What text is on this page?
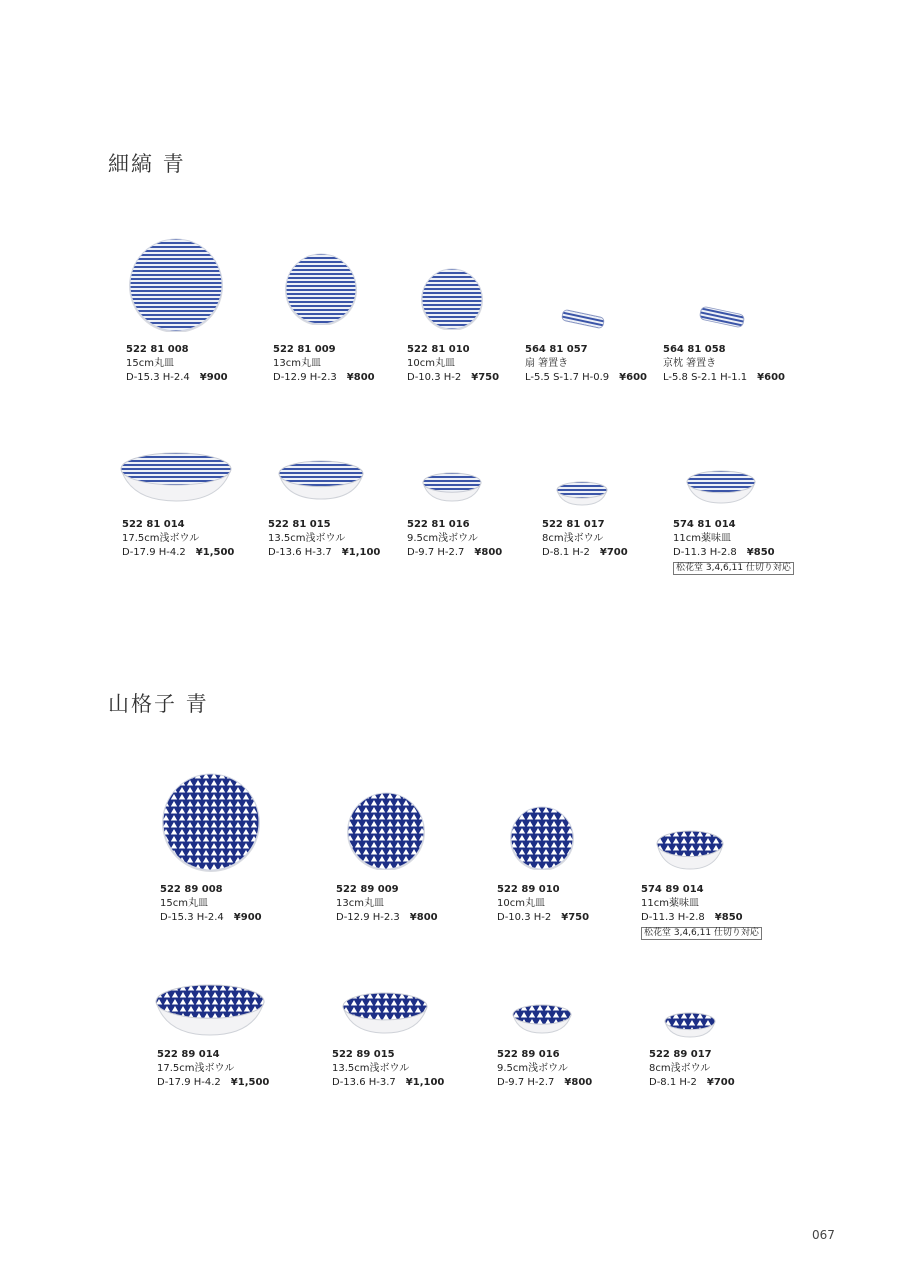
細縞 青
522 81 008
15cm丸皿
D-15.3 H-2.4 ¥900
522 81 009
13cm丸皿
D-12.9 H-2.3 ¥800
522 81 010
10cm丸皿
D-10.3 H-2 ¥750
564 81 057
扇 箸置き
L-5.5 S-1.7 H-0.9 ¥600
564 81 058
京枕 箸置き
L-5.8 S-2.1 H-1.1 ¥600
522 81 014
17.5cm浅ボウル
D-17.9 H-4.2 ¥1,500
522 81 015
13.5cm浅ボウル
D-13.6 H-3.7 ¥1,100
522 81 016
9.5cm浅ボウル
D-9.7 H-2.7 ¥800
522 81 017
8cm浅ボウル
D-8.1 H-2 ¥700
574 81 014
11cm薬味皿
D-11.3 H-2.8 ¥850
松花堂 3,4,6,11 仕切り対応
山格子 青
522 89 008
15cm丸皿
D-15.3 H-2.4 ¥900
522 89 009
13cm丸皿
D-12.9 H-2.3 ¥800
522 89 010
10cm丸皿
D-10.3 H-2 ¥750
574 89 014
11cm薬味皿
D-11.3 H-2.8 ¥850
松花堂 3,4,6,11 仕切り対応
522 89 014
17.5cm浅ボウル
D-17.9 H-4.2 ¥1,500
522 89 015
13.5cm浅ボウル
D-13.6 H-3.7 ¥1,100
522 89 016
9.5cm浅ボウル
D-9.7 H-2.7 ¥800
522 89 017
8cm浅ボウル
D-8.1 H-2 ¥700
067
